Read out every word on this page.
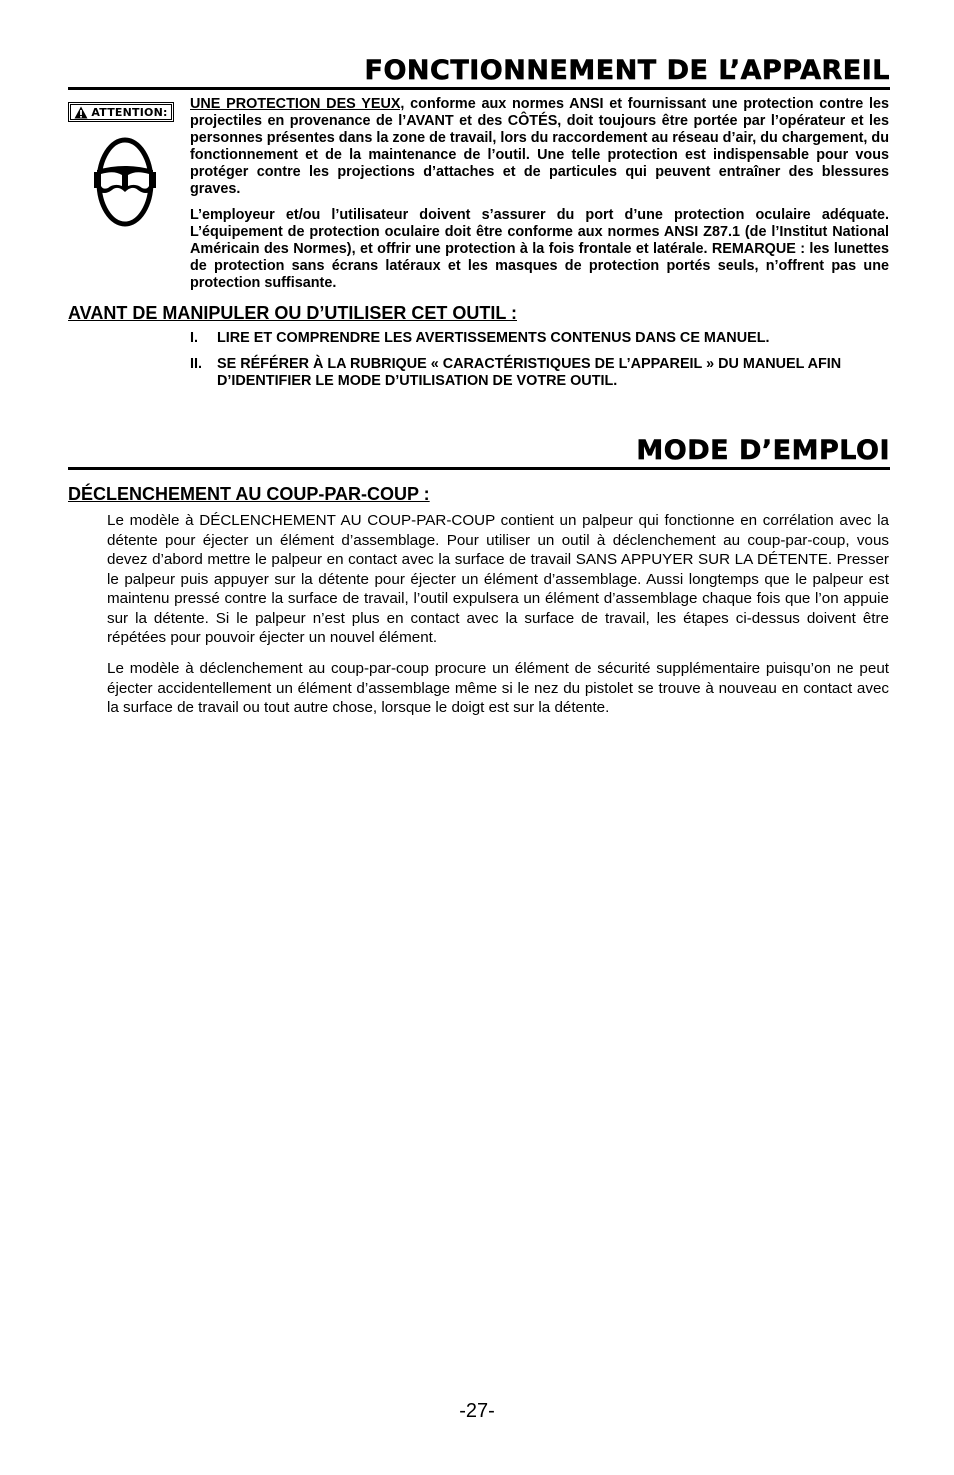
FONCTIONNEMENT DE L’APPAREIL
ATTENTION: UNE PROTECTION DES YEUX, conforme aux normes ANSI et fournissant une protection contre les projectiles en provenance de l’AVANT et des CÔTÉS, doit toujours être portée par l’opérateur et les personnes présentes dans la zone de travail, lors du raccordement au réseau d’air, du chargement, du fonctionnement et de la maintenance de l’outil. Une telle protection est indispensable pour vous protéger contre les projections d’attaches et de particules qui peuvent entraîner des blessures graves.

L’employeur et/ou l’utilisateur doivent s’assurer du port d’une protection oculaire adéquate. L’équipement de protection oculaire doit être conforme aux normes ANSI Z87.1 (de l’Institut National Américain des Normes), et offrir une protection à la fois frontale et latérale. REMARQUE : les lunettes de protection sans écrans latéraux et les masques de protection portés seuls, n’offrent pas une protection suffisante.

AVANT DE MANIPULER OU D’UTILISER CET OUTIL :
I.	LIRE ET COMPRENDRE LES AVERTISSEMENTS CONTENUS DANS CE MANUEL.
II.	SE RÉFÉRER À LA RUBRIQUE « CARACTÉRISTIQUES DE L’APPAREIL » DU MANUEL AFIN D’IDENTIFIER LE MODE D’UTILISATION DE VOTRE OUTIL.
MODE D’EMPLOI
DÉCLENCHEMENT AU COUP-PAR-COUP :

Le modèle à DÉCLENCHEMENT AU COUP-PAR-COUP contient un palpeur qui fonctionne en corrélation avec la détente pour éjecter un élément d’assemblage. Pour utiliser un outil à déclenchement au coup-par-coup, vous devez d’abord mettre le palpeur en contact avec la surface de travail SANS APPUYER SUR LA DÉTENTE. Presser le palpeur puis appuyer sur la détente pour éjecter un élément d’assemblage. Aussi longtemps que le palpeur est maintenu pressé contre la surface de travail, l’outil expulsera un élément d’assemblage chaque fois que l’on appuie sur la détente. Si le palpeur n’est plus en contact avec la surface de travail, les étapes ci-dessus doivent être répétées pour pouvoir éjecter un nouvel élément.

Le modèle à déclenchement au coup-par-coup procure un élément de sécurité supplémentaire puisqu’on ne peut éjecter accidentellement un élément d’assemblage même si le nez du pistolet se trouve à nouveau en contact avec la surface de travail ou tout autre chose, lorsque le doigt est sur la détente.

-27-
